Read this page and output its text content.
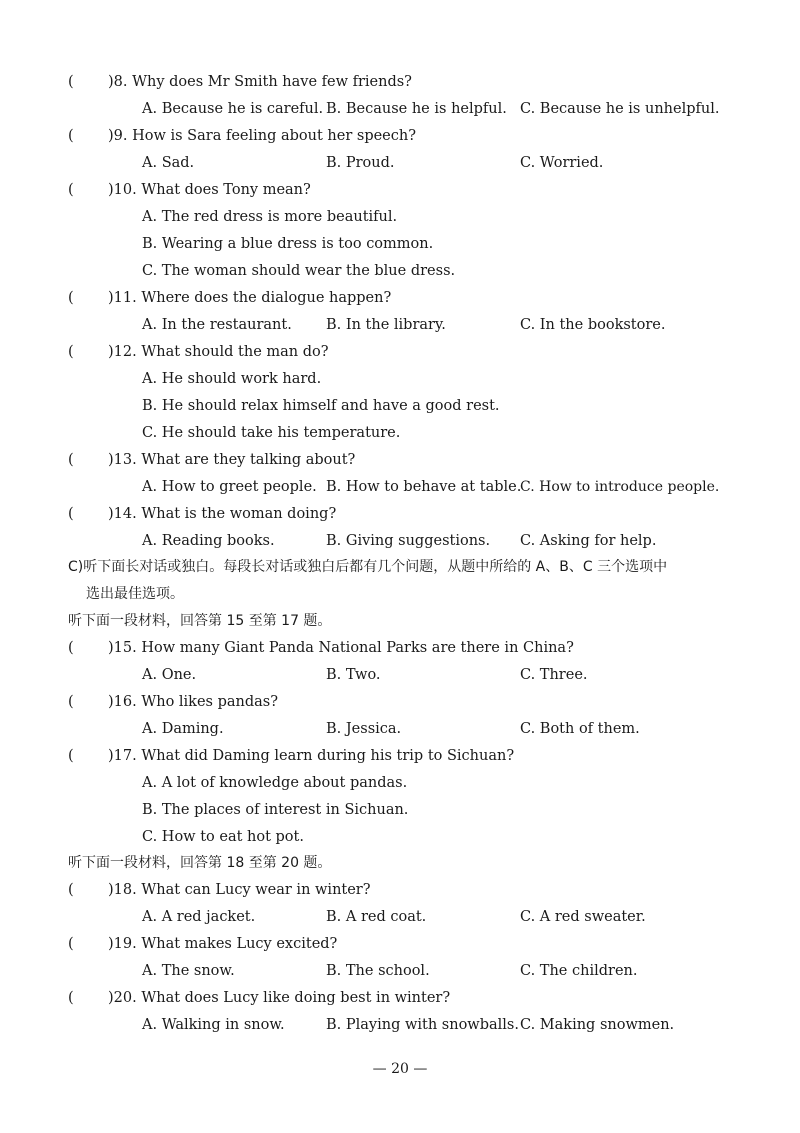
( )8. Why does Mr Smith have few friends?
A. Because he is careful. B. Because he is helpful. C. Because he is unhelpful.
( )9. How is Sara feeling about her speech?
A. Sad.	B. Proud.	C. Worried.
( )10. What does Tony mean?
A. The red dress is more beautiful.
B. Wearing a blue dress is too common.
C. The woman should wear the blue dress.
( )11. Where does the dialogue happen?
A. In the restaurant. B. In the library.	C. In the bookstore.
( )12. What should the man do?
A. He should work hard.
B. He should relax himself and have a good rest.
C. He should take his temperature.
( )13. What are they talking about?
A. How to greet people. B. How to behave at table.
C. How to introduce people.
( )14. What is the woman doing?
A. Reading books.	B. Giving suggestions. C. Asking for help.
C)听下面长对话或独白。每段长对话或独白后都有几个问题，从题中所给的 A、B、C 三个选项中
选出最佳选项。
听下面一段材料，回答第 15 至第 17 题。
( )15. How many Giant Panda National Parks are there in China?
A. One.	B. Two.	C. Three.
( )16. Who likes pandas?
A. Daming.	B. Jessica.	C. Both of them.
( )17. What did Daming learn during his trip to Sichuan?
A. A lot of knowledge about pandas.
B. The places of interest in Sichuan.
C. How to eat hot pot.
听下面一段材料，回答第 18 至第 20 题。
( )18. What can Lucy wear in winter?
A. A red jacket.	B. A red coat.	C. A red sweater.
( )19. What makes Lucy excited?
A. The snow.	B. The school.	C. The children.
( )20. What does Lucy like doing best in winter?
A. Walking in snow.	B. Playing with snowballs. C. Making snowmen.
— 20 —
